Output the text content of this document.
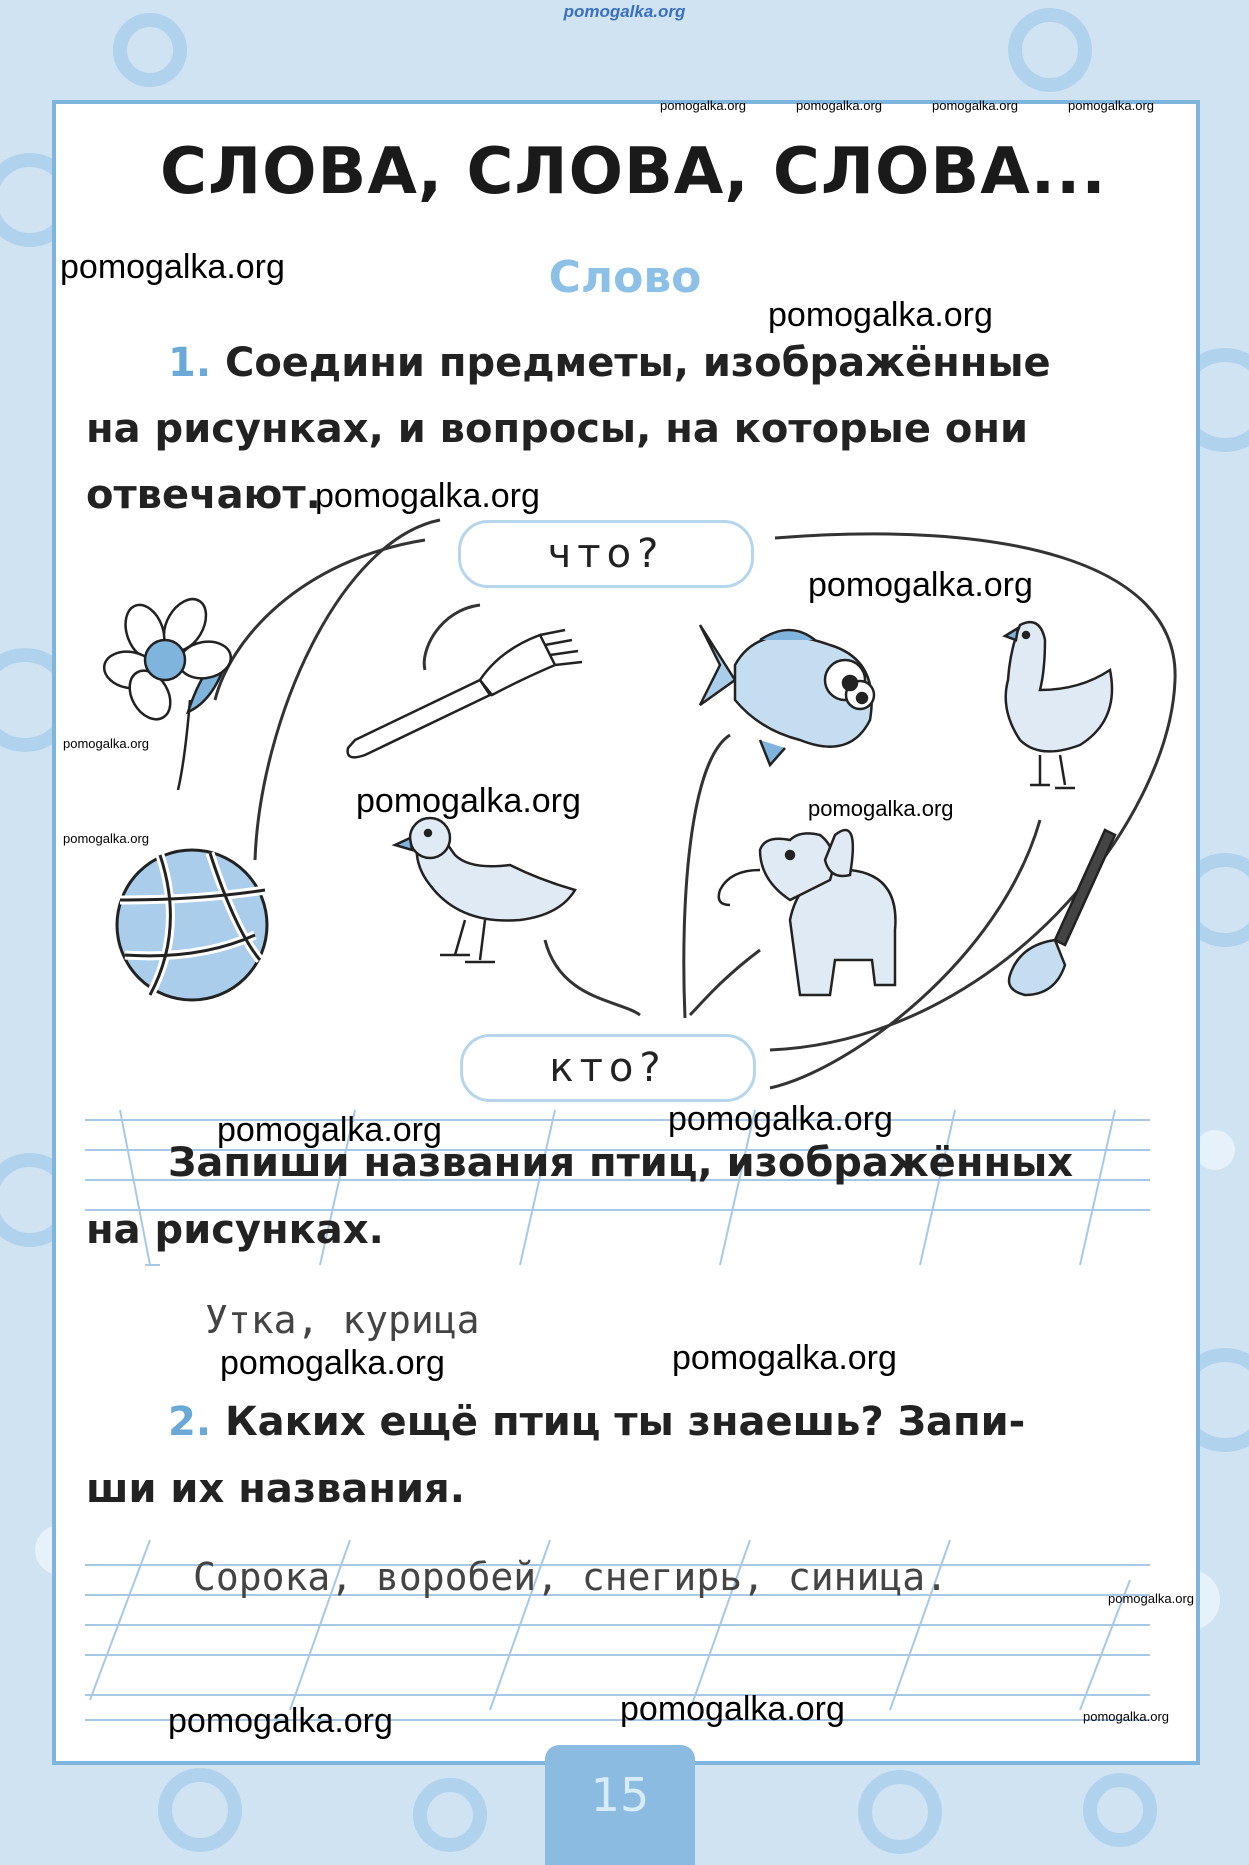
pomogalka.org
pomogalka.org	pomogalka.org	pomogalka.org	pomogalka.org
СЛОВА, СЛОВА, СЛОВА...
pomogalka.org	Слово
pomogalka.org
1. Соедини предметы, изображённые
на рисунках, и вопросы, на которые они
отвечают.
pomogalka.org
что?
pomogalka.org
pomogalka.org
pomogalka.org	pomogalka.org
pomogalka.org
кто?
pomogalka.org	pomogalka.org
Запиши названия птиц, изображённых
на рисунках.
Утка, курица
pomogalka.org	pomogalka.org
2. Каких ещё птиц ты знаешь? Запи-
ши их названия.
Сорока, воробей, снегирь, синица.	pomogalka.org
pomogalka.org	pomogalka.org	pomogalka.org
15
